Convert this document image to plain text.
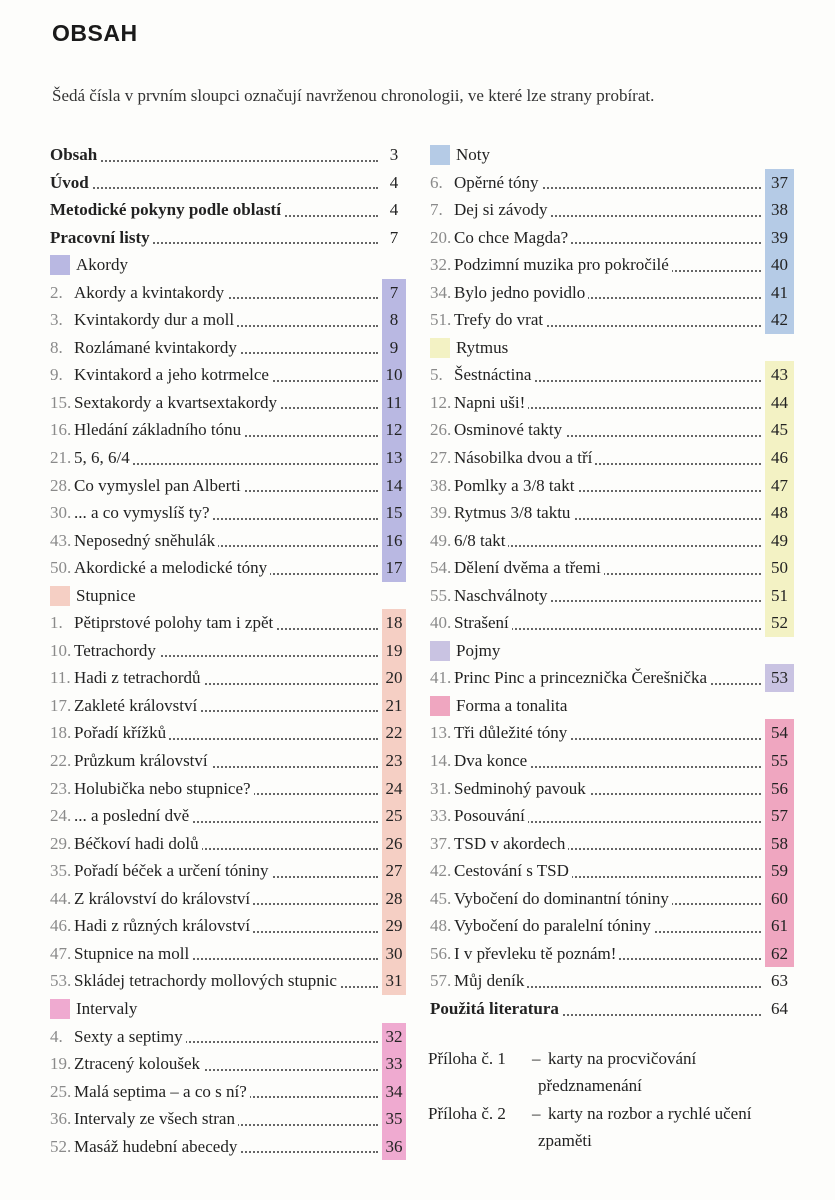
OBSAH
Šedá čísla v prvním sloupci označují navrženou chronologii, ve které lze strany probírat.
Obsah	3
Úvod	4
Metodické pokyny podle oblastí	4
Pracovní listy	7
Akordy
2. Akordy a kvintakordy	7
3. Kvintakordy dur a moll	8
8. Rozlámané kvintakordy	9
9. Kvintakord a jeho kotrmelce	10
15. Sextakordy a kvartsextakordy	11
16. Hledání základního tónu	12
21. 5, 6, 6/4	13
28. Co vymyslel pan Alberti	14
30. ... a co vymyslíš ty?	15
43. Neposedný sněhulák	16
50. Akordické a melodické tóny	17
Stupnice
1. Pětiprstové polohy tam i zpět	18
10. Tetrachordy	19
11. Hadi z tetrachordů	20
17. Zakleté království	21
18. Pořadí křížků	22
22. Průzkum království	23
23. Holubička nebo stupnice?	24
24. ... a poslední dvě	25
29. Béčkoví hadi dolů	26
35. Pořadí béček a určení tóniny	27
44. Z království do království	28
46. Hadi z různých království	29
47. Stupnice na moll	30
53. Skládej tetrachordy mollových stupnic	31
Intervaly
4. Sexty a septimy	32
19. Ztracený koloušek	33
25. Malá septima – a co s ní?	34
36. Intervaly ze všech stran	35
52. Masáž hudební abecedy	36
Noty
6. Opěrné tóny	37
7. Dej si závody	38
20. Co chce Magda?	39
32. Podzimní muzika pro pokročilé	40
34. Bylo jedno povidlo	41
51. Trefy do vrat	42
Rytmus
5. Šestnáctina	43
12. Napni uši!	44
26. Osminové takty	45
27. Násobilka dvou a tří	46
38. Pomlky a 3/8 takt	47
39. Rytmus 3/8 taktu	48
49. 6/8 takt	49
54. Dělení dvěma a třemi	50
55. Naschválnoty	51
40. Strašení	52
Pojmy
41. Princ Pinc a princeznička Čerešnička	53
Forma a tonalita
13. Tři důležité tóny	54
14. Dva konce	55
31. Sedminohý pavouk	56
33. Posouvání	57
37. TSD v akordech	58
42. Cestování s TSD	59
45. Vybočení do dominantní tóniny	60
48. Vybočení do paralelní tóniny	61
56. I v převleku tě poznám!	62
57. Můj deník	63
Použitá literatura	64
Příloha č. 1 – karty na procvičování
předznamenání
Příloha č. 2 – karty na rozbor a rychlé učení
zpaměti
